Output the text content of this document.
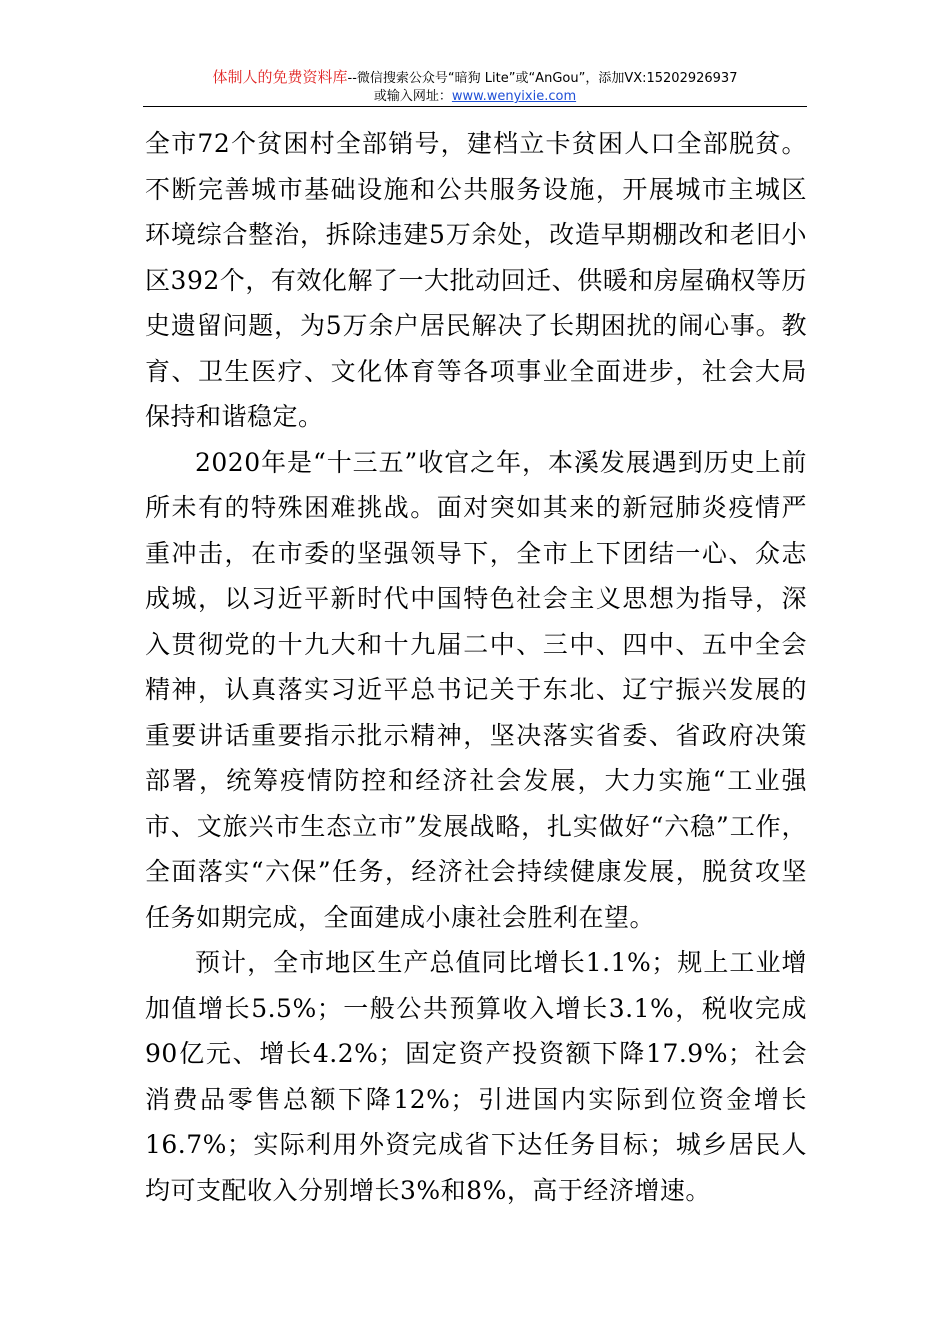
体制人的免费资料库--微信搜索公众号“暗狗 Lite”或“AnGou”，添加VX:15202926937
或输入网址：www.wenyixie.com

全市72个贫困村全部销号，建档立卡贫困人口全部脱贫。不断完善城市基础设施和公共服务设施，开展城市主城区环境综合整治，拆除违建5万余处，改造早期棚改和老旧小区392个，有效化解了一大批动回迁、供暖和房屋确权等历史遗留问题，为5万余户居民解决了长期困扰的闹心事。教育、卫生医疗、文化体育等各项事业全面进步，社会大局保持和谐稳定。

2020年是“十三五”收官之年，本溪发展遇到历史上前所未有的特殊困难挑战。面对突如其来的新冠肺炎疫情严重冲击，在市委的坚强领导下，全市上下团结一心、众志成城，以习近平新时代中国特色社会主义思想为指导，深入贯彻党的十九大和十九届二中、三中、四中、五中全会精神，认真落实习近平总书记关于东北、辽宁振兴发展的重要讲话重要指示批示精神，坚决落实省委、省政府决策部署，统筹疫情防控和经济社会发展，大力实施“工业强市、文旅兴市生态立市”发展战略，扎实做好“六稳”工作，全面落实“六保”任务，经济社会持续健康发展，脱贫攻坚任务如期完成，全面建成小康社会胜利在望。

预计，全市地区生产总值同比增长1.1%；规上工业增加值增长5.5%；一般公共预算收入增长3.1%，税收完成90亿元、增长4.2%；固定资产投资额下降17.9%；社会消费品零售总额下降12%；引进国内实际到位资金增长16.7%；实际利用外资完成省下达任务目标；城乡居民人均可支配收入分别增长3%和8%，高于经济增速。
